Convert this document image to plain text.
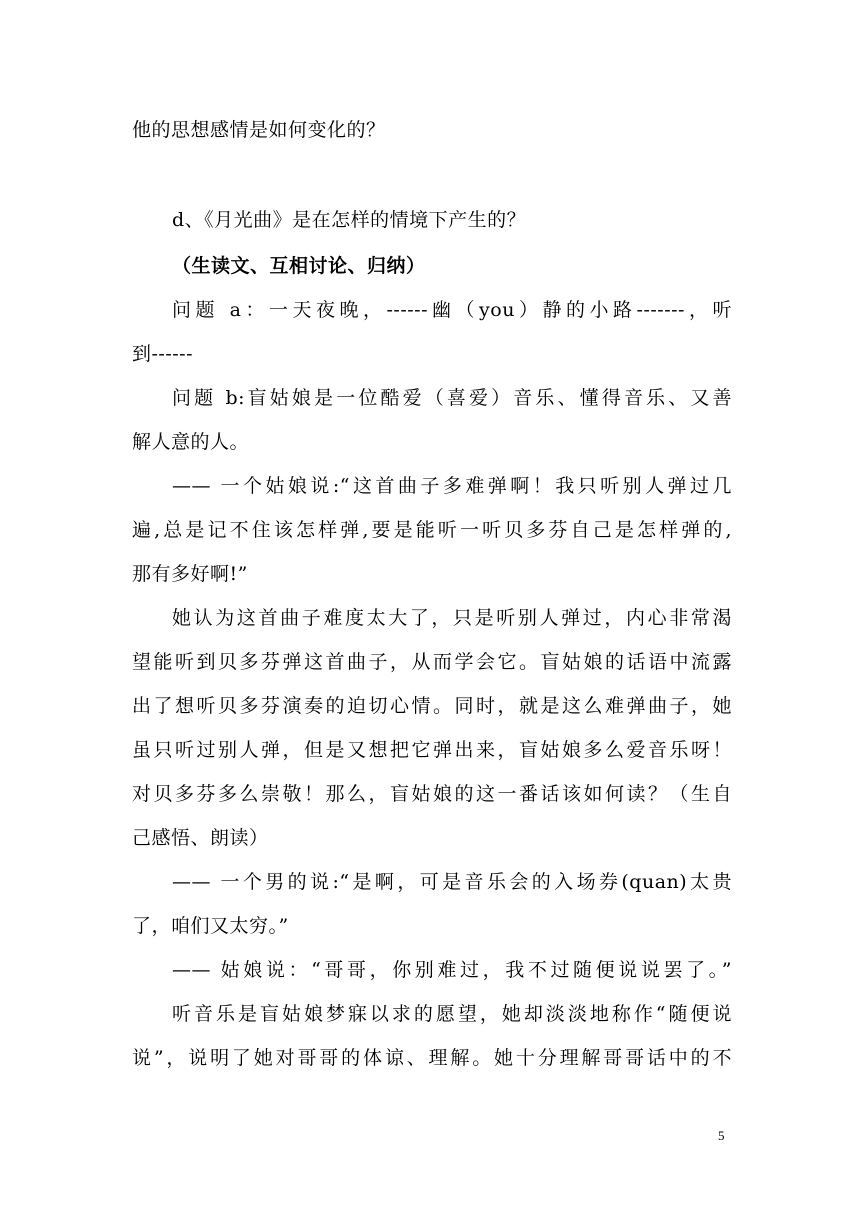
他的思想感情是如何变化的？
d、《月光曲》是在怎样的情境下产生的？
（生读文、互相讨论、归纳）
问题 a：一天夜晚，------幽（you）静的小路-------，听
到------
问题 b:盲姑娘是一位酷爱（喜爱）音乐、懂得音乐、又善
解人意的人。
—— 一个姑娘说:“这首曲子多难弹啊！我只听别人弹过几
遍,总是记不住该怎样弹,要是能听一听贝多芬自己是怎样弹的,
那有多好啊!”
她认为这首曲子难度太大了，只是听别人弹过，内心非常渴
望能听到贝多芬弹这首曲子，从而学会它。盲姑娘的话语中流露
出了想听贝多芬演奏的迫切心情。同时，就是这么难弹曲子，她
虽只听过别人弹，但是又想把它弹出来，盲姑娘多么爱音乐呀！
对贝多芬多么崇敬！那么，盲姑娘的这一番话该如何读？（生自
己感悟、朗读）
—— 一个男的说:“是啊，可是音乐会的入场券(quan)太贵
了，咱们又太穷。”
—— 姑娘说：“哥哥，你别难过，我不过随便说说罢了。”
听音乐是盲姑娘梦寐以求的愿望，她却淡淡地称作“随便说
说”，说明了她对哥哥的体谅、理解。她十分理解哥哥话中的不
5
